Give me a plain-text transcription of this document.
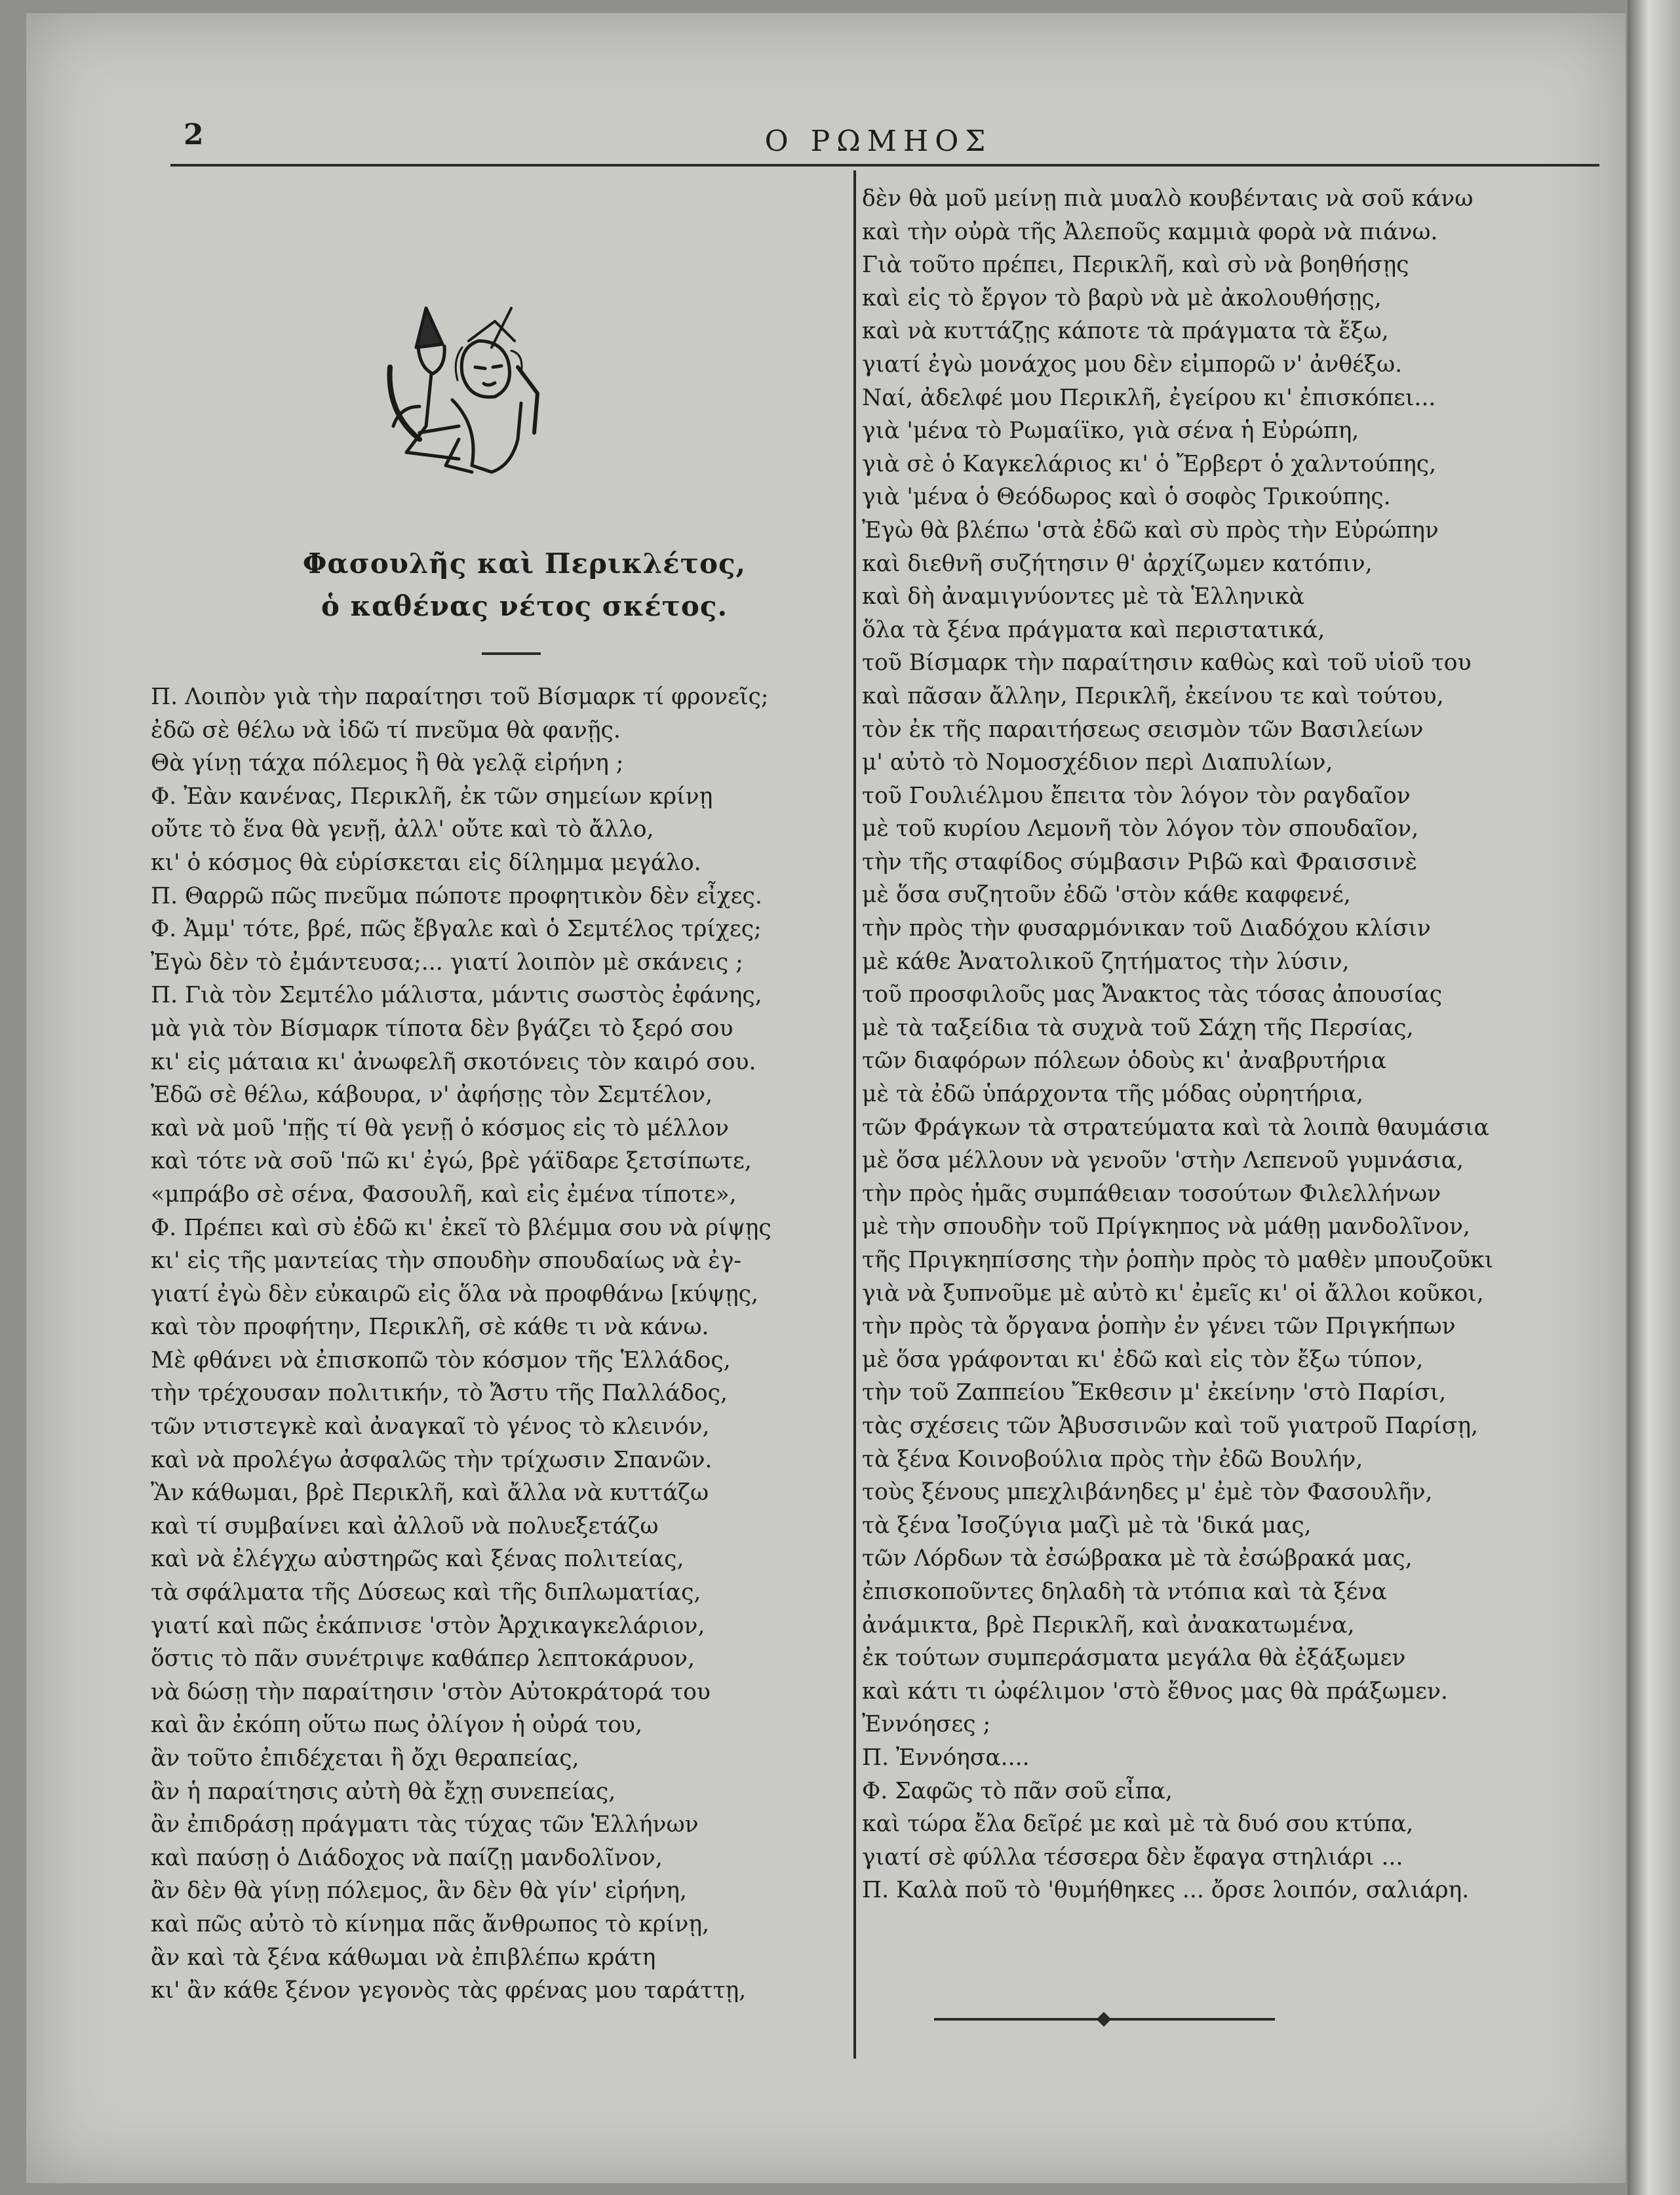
2	Ο ΡΩΜΗΟΣ
Φασουλῆς καὶ Περικλέτος,
ὁ καθένας νέτος σκέτος.
Π. Λοιπὸν γιὰ τὴν παραίτησι τοῦ Βίσμαρκ τί φρονεῖς;
ἐδῶ σὲ θέλω νὰ ἰδῶ τί πνεῦμα θὰ φανῇς.
Θὰ γίνῃ τάχα πόλεμος ἢ θὰ γελᾷ εἰρήνη ;
Φ. Ἐὰν κανένας, Περικλῆ, ἐκ τῶν σημείων κρίνῃ
οὔτε τὸ ἕνα θὰ γενῇ, ἀλλ' οὔτε καὶ τὸ ἄλλο,
κι' ὁ κόσμος θὰ εὑρίσκεται εἰς δίλημμα μεγάλο.
Π. Θαρρῶ πῶς πνεῦμα πώποτε προφητικὸν δὲν εἶχες.
Φ. Ἀμμ' τότε, βρέ, πῶς ἔβγαλε καὶ ὁ Σεμτέλος τρίχες;
Ἐγὼ δὲν τὸ ἐμάντευσα;... γιατί λοιπὸν μὲ σκάνεις ;
Π. Γιὰ τὸν Σεμτέλο μάλιστα, μάντις σωστὸς ἐφάνης,
μὰ γιὰ τὸν Βίσμαρκ τίποτα δὲν βγάζει τὸ ξερό σου
κι' εἰς μάταια κι' ἀνωφελῆ σκοτόνεις τὸν καιρό σου.
Ἐδῶ σὲ θέλω, κάβουρα, ν' ἀφήσῃς τὸν Σεμτέλον,
καὶ νὰ μοῦ 'πῇς τί θὰ γενῇ ὁ κόσμος εἰς τὸ μέλλον
καὶ τότε νὰ σοῦ 'πῶ κι' ἐγώ, βρὲ γάϊδαρε ξετσίπωτε,
«μπράβο σὲ σένα, Φασουλῆ, καὶ εἰς ἐμένα τίποτε»,
Φ. Πρέπει καὶ σὺ ἐδῶ κι' ἐκεῖ τὸ βλέμμα σου νὰ ρίψῃς
κι' εἰς τῆς μαντείας τὴν σπουδὴν σπουδαίως νὰ ἐγ-
γιατί ἐγὼ δὲν εὐκαιρῶ εἰς ὅλα νὰ προφθάνω [κύψῃς,
καὶ τὸν προφήτην, Περικλῆ, σὲ κάθε τι νὰ κάνω.
Μὲ φθάνει νὰ ἐπισκοπῶ τὸν κόσμον τῆς Ἑλλάδος,
τὴν τρέχουσαν πολιτικήν, τὸ Ἄστυ τῆς Παλλάδος,
τῶν ντιστεγκὲ καὶ ἀναγκαῖ τὸ γένος τὸ κλεινόν,
καὶ νὰ προλέγω ἀσφαλῶς τὴν τρίχωσιν Σπανῶν.
Ἂν κάθωμαι, βρὲ Περικλῆ, καὶ ἄλλα νὰ κυττάζω
καὶ τί συμβαίνει καὶ ἀλλοῦ νὰ πολυεξετάζω
καὶ νὰ ἐλέγχω αὐστηρῶς καὶ ξένας πολιτείας,
τὰ σφάλματα τῆς Δύσεως καὶ τῆς διπλωματίας,
γιατί καὶ πῶς ἐκάπνισε 'στὸν Ἀρχικαγκελάριον,
ὅστις τὸ πᾶν συνέτριψε καθάπερ λεπτοκάρυον,
νὰ δώσῃ τὴν παραίτησιν 'στὸν Αὐτοκράτορά του
καὶ ἂν ἐκόπη οὕτω πως ὀλίγον ἡ οὐρά του,
ἂν τοῦτο ἐπιδέχεται ἢ ὄχι θεραπείας,
ἂν ἡ παραίτησις αὐτὴ θὰ ἔχῃ συνεπείας,
ἂν ἐπιδράσῃ πράγματι τὰς τύχας τῶν Ἑλλήνων
καὶ παύσῃ ὁ Διάδοχος νὰ παίζῃ μανδολῖνον,
ἂν δὲν θὰ γίνῃ πόλεμος, ἂν δὲν θὰ γίν' εἰρήνη,
καὶ πῶς αὐτὸ τὸ κίνημα πᾶς ἄνθρωπος τὸ κρίνῃ,
ἂν καὶ τὰ ξένα κάθωμαι νὰ ἐπιβλέπω κράτη
κι' ἂν κάθε ξένον γεγονὸς τὰς φρένας μου ταράττῃ,
δὲν θὰ μοῦ μείνῃ πιὰ μυαλὸ κουβένταις νὰ σοῦ κάνω
καὶ τὴν οὐρὰ τῆς Ἀλεποῦς καμμιὰ φορὰ νὰ πιάνω.
Γιὰ τοῦτο πρέπει, Περικλῆ, καὶ σὺ νὰ βοηθήσῃς
καὶ εἰς τὸ ἔργον τὸ βαρὺ νὰ μὲ ἀκολουθήσῃς,
καὶ νὰ κυττάζῃς κάποτε τὰ πράγματα τὰ ἔξω,
γιατί ἐγὼ μονάχος μου δὲν εἰμπορῶ ν' ἀνθέξω.
Ναί, ἀδελφέ μου Περικλῆ, ἐγείρου κι' ἐπισκόπει...
γιὰ 'μένα τὸ Ρωμαίϊκο, γιὰ σένα ἡ Εὐρώπη,
γιὰ σὲ ὁ Καγκελάριος κι' ὁ Ἔρβερτ ὁ χαλντούπης,
γιὰ 'μένα ὁ Θεόδωρος καὶ ὁ σοφὸς Τρικούπης.
Ἐγὼ θὰ βλέπω 'στὰ ἐδῶ καὶ σὺ πρὸς τὴν Εὐρώπην
καὶ διεθνῆ συζήτησιν θ' ἀρχίζωμεν κατόπιν,
καὶ δὴ ἀναμιγνύοντες μὲ τὰ Ἑλληνικὰ
ὅλα τὰ ξένα πράγματα καὶ περιστατικά,
τοῦ Βίσμαρκ τὴν παραίτησιν καθὼς καὶ τοῦ υἱοῦ του
καὶ πᾶσαν ἄλλην, Περικλῆ, ἐκείνου τε καὶ τούτου,
τὸν ἐκ τῆς παραιτήσεως σεισμὸν τῶν Βασιλείων
μ' αὐτὸ τὸ Νομοσχέδιον περὶ Διαπυλίων,
τοῦ Γουλιέλμου ἔπειτα τὸν λόγον τὸν ραγδαῖον
μὲ τοῦ κυρίου Λεμονῆ τὸν λόγον τὸν σπουδαῖον,
τὴν τῆς σταφίδος σύμβασιν Ριβῶ καὶ Φραισσινὲ
μὲ ὅσα συζητοῦν ἐδῶ 'στὸν κάθε καφφενέ,
τὴν πρὸς τὴν φυσαρμόνικαν τοῦ Διαδόχου κλίσιν
μὲ κάθε Ἀνατολικοῦ ζητήματος τὴν λύσιν,
τοῦ προσφιλοῦς μας Ἄνακτος τὰς τόσας ἀπουσίας
μὲ τὰ ταξείδια τὰ συχνὰ τοῦ Σάχη τῆς Περσίας,
τῶν διαφόρων πόλεων ὁδοὺς κι' ἀναβρυτήρια
μὲ τὰ ἐδῶ ὑπάρχοντα τῆς μόδας οὐρητήρια,
τῶν Φράγκων τὰ στρατεύματα καὶ τὰ λοιπὰ θαυμάσια
μὲ ὅσα μέλλουν νὰ γενοῦν 'στὴν Λεπενοῦ γυμνάσια,
τὴν πρὸς ἡμᾶς συμπάθειαν τοσούτων Φιλελλήνων
μὲ τὴν σπουδὴν τοῦ Πρίγκηπος νὰ μάθῃ μανδολῖνον,
τῆς Πριγκηπίσσης τὴν ῥοπὴν πρὸς τὸ μαθὲν μπουζοῦκι
γιὰ νὰ ξυπνοῦμε μὲ αὐτὸ κι' ἐμεῖς κι' οἱ ἄλλοι κοῦκοι,
τὴν πρὸς τὰ ὄργανα ῥοπὴν ἐν γένει τῶν Πριγκήπων
μὲ ὅσα γράφονται κι' ἐδῶ καὶ εἰς τὸν ἔξω τύπον,
τὴν τοῦ Ζαππείου Ἔκθεσιν μ' ἐκείνην 'στὸ Παρίσι,
τὰς σχέσεις τῶν Ἀβυσσινῶν καὶ τοῦ γιατροῦ Παρίσῃ,
τὰ ξένα Κοινοβούλια πρὸς τὴν ἐδῶ Βουλήν,
τοὺς ξένους μπεχλιβάνηδες μ' ἐμὲ τὸν Φασουλῆν,
τὰ ξένα Ἰσοζύγια μαζὶ μὲ τὰ 'δικά μας,
τῶν Λόρδων τὰ ἐσώβρακα μὲ τὰ ἐσώβρακά μας,
ἐπισκοποῦντες δηλαδὴ τὰ ντόπια καὶ τὰ ξένα
ἀνάμικτα, βρὲ Περικλῆ, καὶ ἀνακατωμένα,
ἐκ τούτων συμπεράσματα μεγάλα θὰ ἐξάξωμεν
καὶ κάτι τι ὠφέλιμον 'στὸ ἔθνος μας θὰ πράξωμεν.
Ἐννόησες ;
Π. Ἐννόησα....
Φ. Σαφῶς τὸ πᾶν σοῦ εἶπα,
καὶ τώρα ἔλα δεῖρέ με καὶ μὲ τὰ δυό σου κτύπα,
γιατί σὲ φύλλα τέσσερα δὲν ἔφαγα στηλιάρι ...
Π. Καλὰ ποῦ τὸ 'θυμήθηκες ... ὄρσε λοιπόν, σαλιάρη.
